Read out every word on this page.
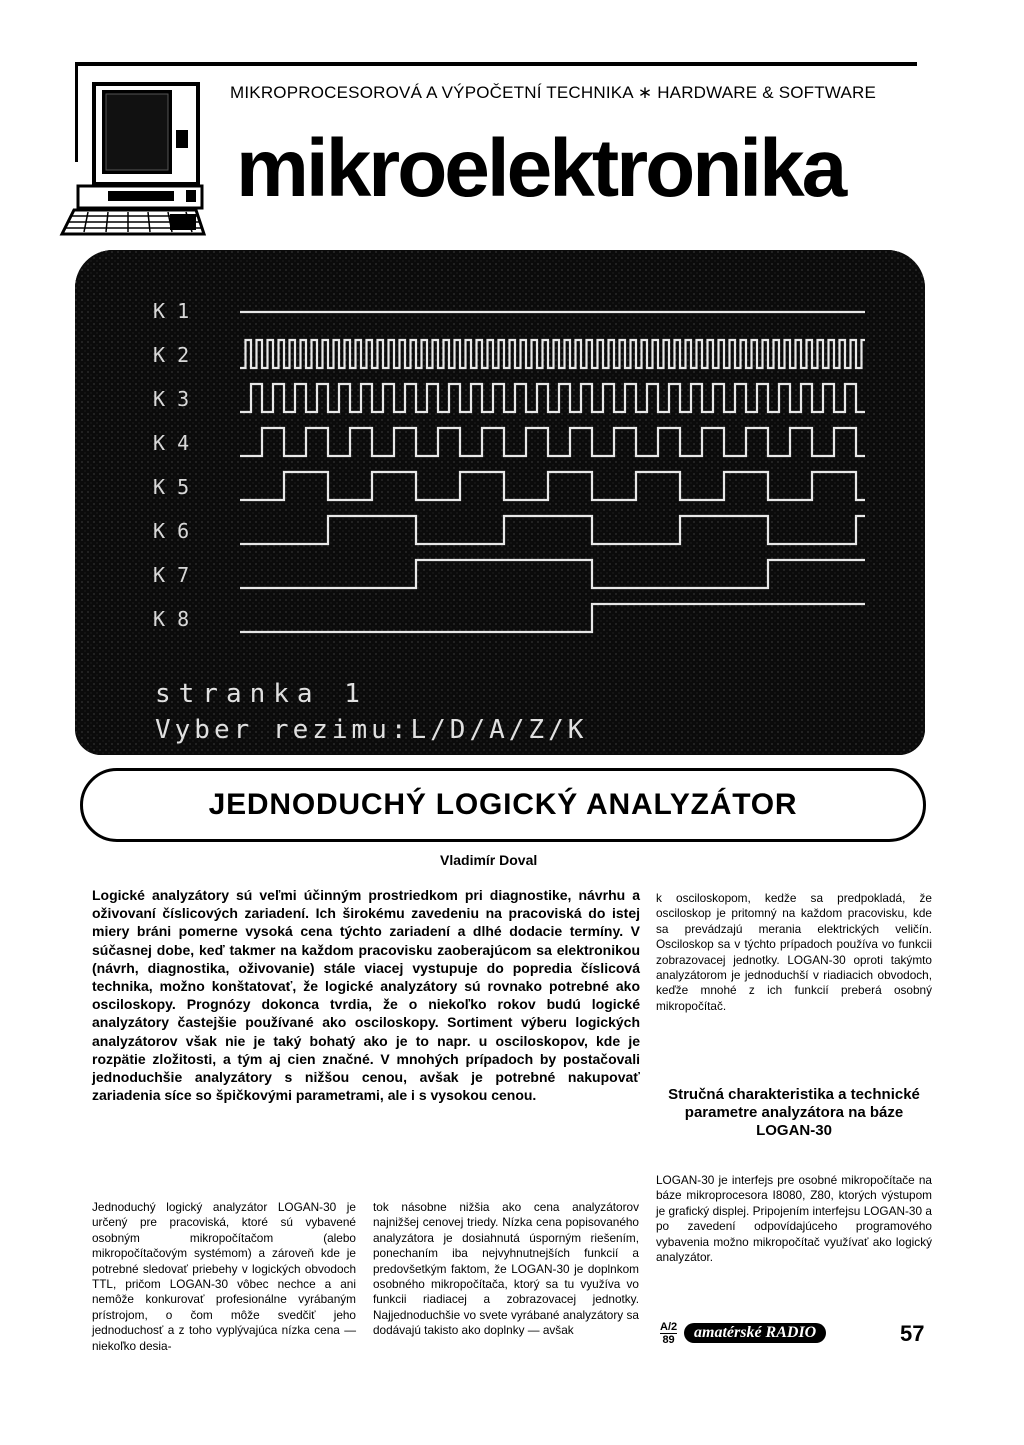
MIKROPROCESOROVÁ A VÝPOČETNÍ TECHNIKA ∗ HARDWARE & SOFTWARE
mikroelektronika
K 1
K 2
K 3
K 4
K 5
K 6
K 7
K 8
stranka 1
Vyber rezimu:L/D/A/Z/K
JEDNODUCHÝ LOGICKÝ ANALYZÁTOR
Vladimír Doval
Logické analyzátory sú veľmi účinným prostriedkom pri diagnostike, návrhu a oživovaní číslicových zariadení. Ich širokému zavedeniu na pracoviská do istej miery bráni pomerne vysoká cena týchto zariadení a dlhé dodacie termíny. V súčasnej dobe, keď takmer na každom pracovisku zaoberajúcom sa elektronikou (návrh, diagnostika, oživovanie) stále viacej vystupuje do popredia číslicová technika, možno konštatovať, že logické analyzátory sú rovnako potrebné ako osciloskopy. Prognózy dokonca tvrdia, že o niekoľko rokov budú logické analyzátory častejšie používané ako osciloskopy. Sortiment výberu logických analyzátorov však nie je taký bohatý ako je to napr. u osciloskopov, kde je rozpätie zložitosti, a tým aj cien značné. V mnohých prípadoch by postačovali jednoduchšie analyzátory s nižšou cenou, avšak je potrebné nakupovať zariadenia síce so špičkovými parametrami, ale i s vysokou cenou.
k osciloskopom, kedže sa predpokladá, že osciloskop je pritomný na každom pracovisku, kde sa prevádzajú merania elektrických veličín. Osciloskop sa v týchto prípadoch používa vo funkcii zobrazovacej jednotky. LOGAN-30 oproti takýmto analyzátorom je jednoduchší v riadiacich obvodoch, keďže mnohé z ich funkcií preberá osobný mikropočítač.
Stručná charakteristika a technické parametre analyzátora na báze LOGAN-30
Jednoduchý logický analyzátor LOGAN-30 je určený pre pracoviská, ktoré sú vybavené osobným mikropočítačom (alebo mikropočítačovým systémom) a zároveň kde je potrebné sledovať priebehy v logických obvodoch TTL, pričom LOGAN-30 vôbec nechce a ani nemôže konkurovať profesionálne vyrábaným prístrojom, o čom môže svedčiť jeho jednoduchosť a z toho vyplývajúca nízka cena — niekoľko desia-
tok násobne nižšia ako cena analyzátorov najnižšej cenovej triedy. Nízka cena popisovaného analyzátora je dosiahnutá úsporným riešením, ponechaním iba nejvyhnutnejších funkcií a predovšetkým faktom, že LOGAN-30 je doplnkom osobného mikropočítača, ktorý sa tu využíva vo funkcii riadiacej a zobrazovacej jednotky. Najjednoduchšie vo svete vyrábané analyzátory sa dodávajú takisto ako doplnky — avšak
LOGAN-30 je interfejs pre osobné mikropočítače na báze mikroprocesora I8080, Z80, ktorých výstupom je grafický displej. Pripojením interfejsu LOGAN-30 a po zavedení odpovídajúceho programového vybavenia možno mikropočítač využívať ako logický analyzátor.
A/2
89	amatérské RADIO	57
